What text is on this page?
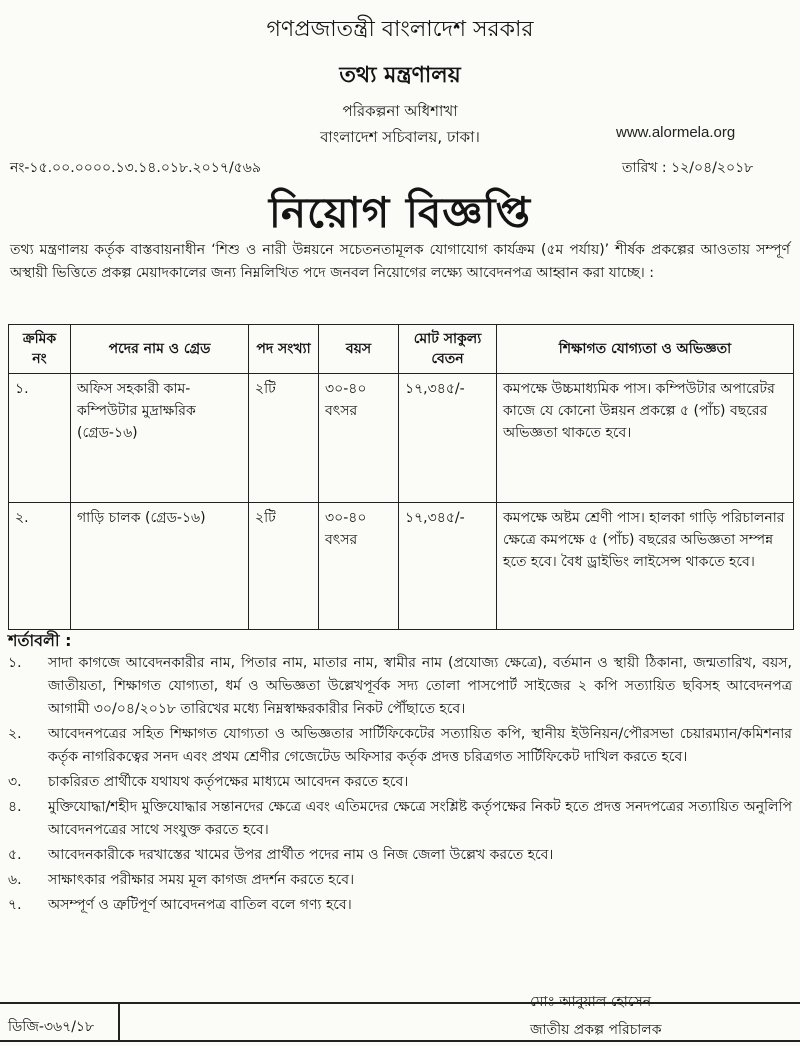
গণপ্রজাতন্ত্রী বাংলাদেশ সরকার
তথ্য মন্ত্রণালয়
পরিকল্পনা অধিশাখা
বাংলাদেশ সচিবালয়, ঢাকা।	www.alormela.org
নং-১৫.০০.০০০০.১৩.১৪.০১৮.২০১৭/৫৬৯	তারিখ : ১২/০৪/২০১৮
নিয়োগ বিজ্ঞপ্তি
তথ্য মন্ত্রণালয় কর্তৃক বাস্তবায়নাধীন ‘শিশু ও নারী উন্নয়নে সচেতনতামূলক যোগাযোগ কার্যক্রম (৫ম পর্যায়)’ শীর্ষক প্রকল্পের আওতায় সম্পূর্ণ অস্থায়ী ভিত্তিতে প্রকল্প মেয়াদকালের জন্য নিম্নলিখিত পদে জনবল নিয়োগের লক্ষ্যে আবেদনপত্র আহ্বান করা যাচ্ছে। :
ক্রমিক নং	পদের নাম ও গ্রেড	পদ সংখ্যা	বয়স	মোট সাকুল্য বেতন	শিক্ষাগত যোগ্যতা ও অভিজ্ঞতা
১.	অফিস সহকারী কাম-কম্পিউটার মুদ্রাক্ষরিক (গ্রেড-১৬)	২টি	৩০-৪০ বৎসর	১৭,৩৪৫/-	কমপক্ষে উচ্চমাধ্যমিক পাস। কম্পিউটার অপারেটর কাজে যে কোনো উন্নয়ন প্রকল্পে ৫ (পাঁচ) বছরের অভিজ্ঞতা থাকতে হবে।
২.	গাড়ি চালক (গ্রেড-১৬)	২টি	৩০-৪০ বৎসর	১৭,৩৪৫/-	কমপক্ষে অষ্টম শ্রেণী পাস। হালকা গাড়ি পরিচালনার ক্ষেত্রে কমপক্ষে ৫ (পাঁচ) বছরের অভিজ্ঞতা সম্পন্ন হতে হবে। বৈধ ড্রাইভিং লাইসেন্স থাকতে হবে।
শর্তাবলী :
১.	সাদা কাগজে আবেদনকারীর নাম, পিতার নাম, মাতার নাম, স্বামীর নাম (প্রযোজ্য ক্ষেত্রে), বর্তমান ও স্থায়ী ঠিকানা, জন্মতারিখ, বয়স, জাতীয়তা, শিক্ষাগত যোগ্যতা, ধর্ম ও অভিজ্ঞতা উল্লেখপূর্বক সদ্য তোলা পাসপোর্ট সাইজের ২ কপি সত্যায়িত ছবিসহ আবেদনপত্র আগামী ৩০/০৪/২০১৮ তারিখের মধ্যে নিম্নস্বাক্ষরকারীর নিকট পৌঁছাতে হবে।
২.	আবেদনপত্রের সহিত শিক্ষাগত যোগ্যতা ও অভিজ্ঞতার সার্টিফিকেটের সত্যায়িত কপি, স্থানীয় ইউনিয়ন/পৌরসভা চেয়ারম্যান/কমিশনার কর্তৃক নাগরিকত্বের সনদ এবং প্রথম শ্রেণীর গেজেটেড অফিসার কর্তৃক প্রদত্ত চরিত্রগত সার্টিফিকেট দাখিল করতে হবে।
৩.	চাকরিরত প্রার্থীকে যথাযথ কর্তৃপক্ষের মাধ্যমে আবেদন করতে হবে।
৪.	মুক্তিযোদ্ধা/শহীদ মুক্তিযোদ্ধার সন্তানদের ক্ষেত্রে এবং এতিমদের ক্ষেত্রে সংশ্লিষ্ট কর্তৃপক্ষের নিকট হতে প্রদত্ত সনদপত্রের সত্যায়িত অনুলিপি আবেদনপত্রের সাথে সংযুক্ত করতে হবে।
৫.	আবেদনকারীকে দরখাস্তের খামের উপর প্রার্থীত পদের নাম ও নিজ জেলা উল্লেখ করতে হবে।
৬.	সাক্ষাৎকার পরীক্ষার সময় মূল কাগজ প্রদর্শন করতে হবে।
৭.	অসম্পূর্ণ ও ত্রুটিপূর্ণ আবেদনপত্র বাতিল বলে গণ্য হবে।
মোঃ আবুয়াল হোসেন
ডিজি-৩৬৭/১৮	জাতীয় প্রকল্প পরিচালক
